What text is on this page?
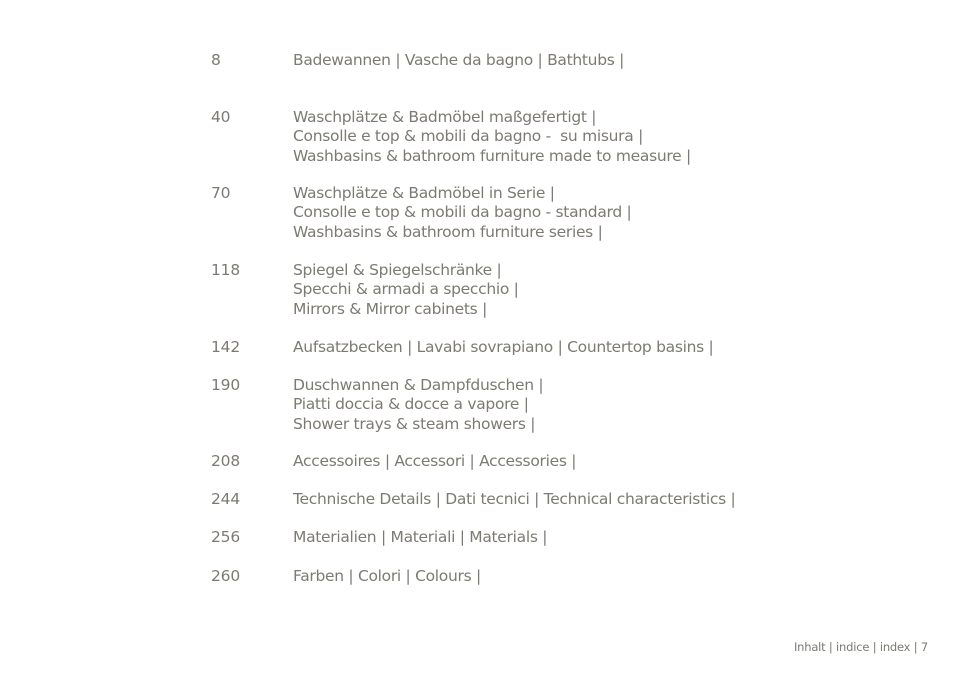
8	Badewannen | Vasche da bagno | Bathtubs |
40	Waschplätze & Badmöbel maßgefertigt |
Consolle e top & mobili da bagno -  su misura |
Washbasins & bathroom furniture made to measure |
70	Waschplätze & Badmöbel in Serie |
Consolle e top & mobili da bagno - standard |
Washbasins & bathroom furniture series |
118	Spiegel & Spiegelschränke |
Specchi & armadi a specchio |
Mirrors & Mirror cabinets |
142	Aufsatzbecken | Lavabi sovrapiano | Countertop basins |
190	Duschwannen & Dampfduschen |
Piatti doccia & docce a vapore |
Shower trays & steam showers |
208	Accessoires | Accessori | Accessories |
244	Technische Details | Dati tecnici | Technical characteristics |
256	Materialien | Materiali | Materials |
260	Farben | Colori | Colours |
Inhalt | indice | index | 7
